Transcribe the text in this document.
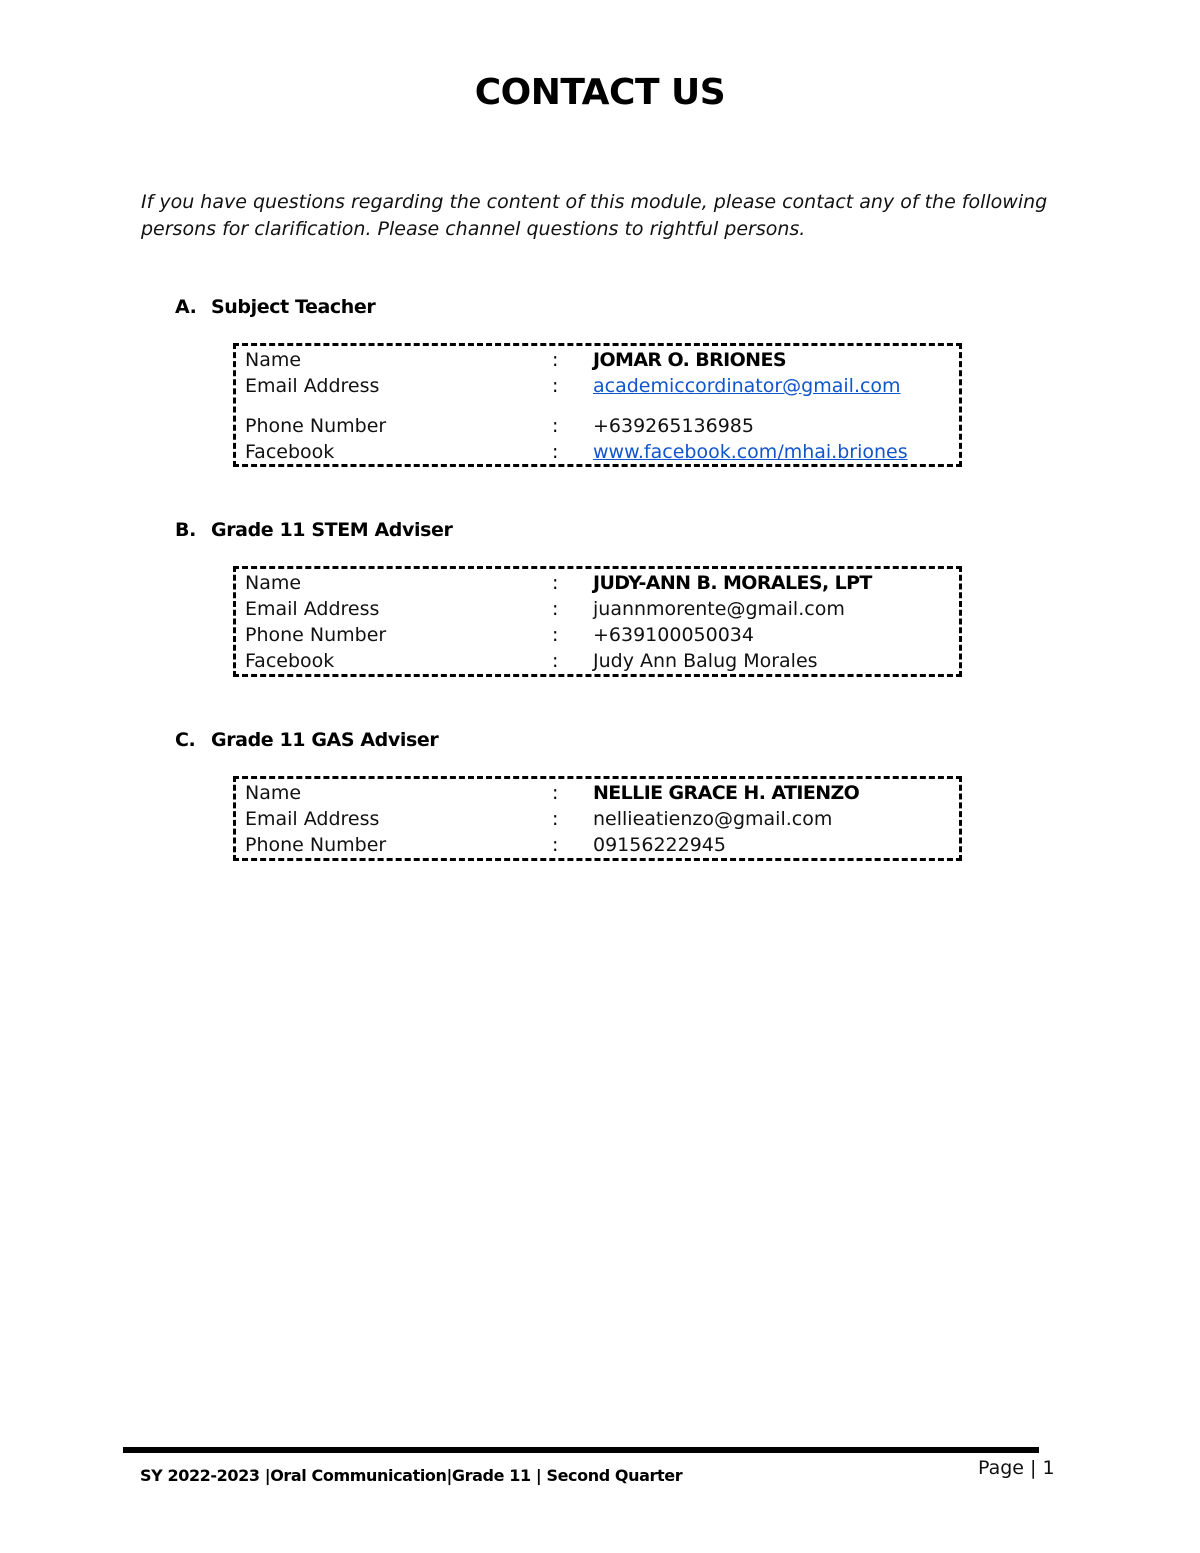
CONTACT US
If you have questions regarding the content of this module, please contact any of the following persons for clarification. Please channel questions to rightful persons.
A. Subject Teacher
Name	: JOMAR O. BRIONES
Email Address	: academiccordinator@gmail.com
Phone Number	: +639265136985
Facebook	: www.facebook.com/mhai.briones
B. Grade 11 STEM Adviser
Name	: JUDY-ANN B. MORALES, LPT
Email Address	: juannmorente@gmail.com
Phone Number	: +639100050034
Facebook	: Judy Ann Balug Morales
C. Grade 11 GAS Adviser
Name	: NELLIE GRACE H. ATIENZO
Email Address	: nellieatienzo@gmail.com
Phone Number	: 09156222945
SY 2022-2023 |Oral Communication|Grade 11 | Second Quarter	Page | 1
